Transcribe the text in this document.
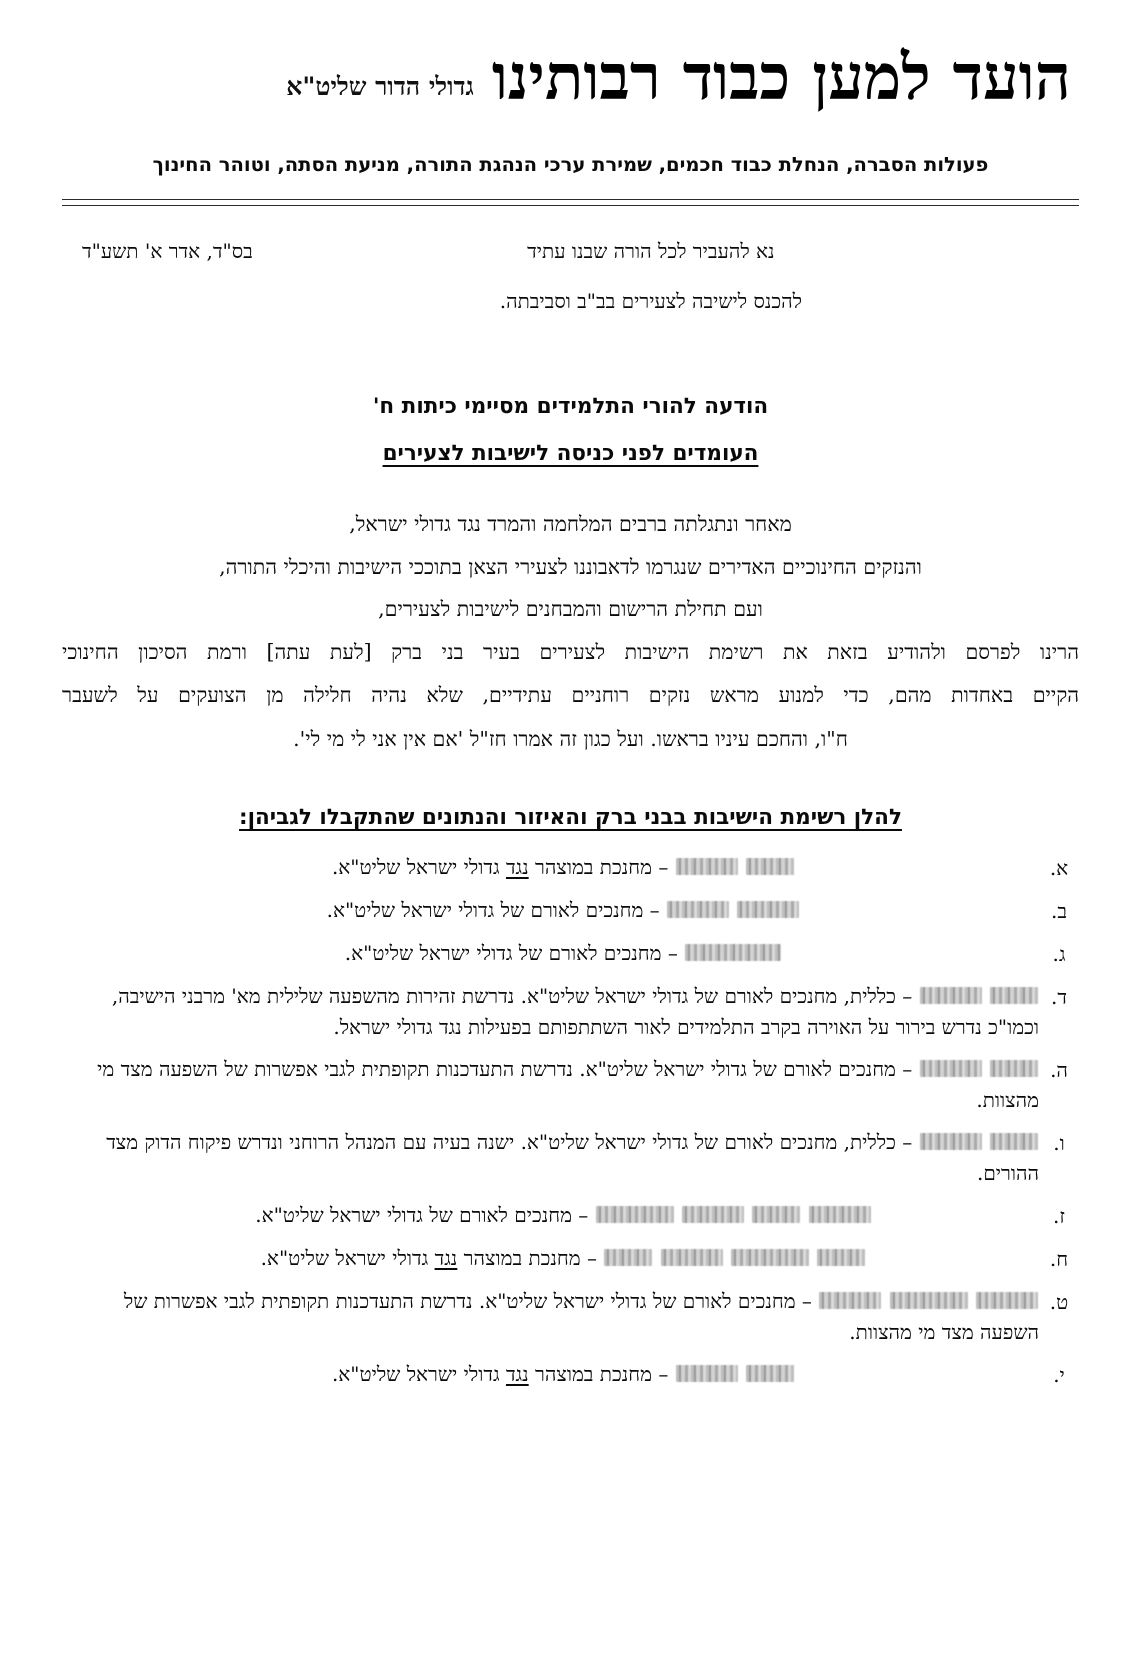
הועד למען כבוד רבותינו
גדולי הדור שליט"א
פעולות הסברה, הנחלת כבוד חכמים, שמירת ערכי הנהגת התורה, מניעת הסתה, וטוהר החינוך
נא להעביר לכל הורה שבנו עתיד
להכנס לישיבה לצעירים בב"ב וסביבתה.
בס"ד, אדר א' תשע"ד
הודעה להורי התלמידים מסיימי כיתות ח'
העומדים לפני כניסה לישיבות לצעירים
מאחר ונתגלתה ברבים המלחמה והמרד נגד גדולי ישראל,
והנזקים החינוכיים האדירים שנגרמו לדאבוננו לצעירי הצאן בתוככי הישיבות והיכלי התורה,
ועם תחילת הרישום והמבחנים לישיבות לצעירים,
הרינו לפרסם ולהודיע בזאת את רשימת הישיבות לצעירים בעיר בני ברק [לעת עתה] ורמת הסיכון החינוכי
הקיים באחדות מהם, כדי למנוע מראש נזקים רוחניים עתידיים, שלא נהיה חלילה מן הצועקים על לשעבר
ח"ו, והחכם עיניו בראשו. ועל כגון זה אמרו חז"ל 'אם אין אני לי מי לי'.
להלן רשימת הישיבות בבני ברק והאיזור והנתונים שהתקבלו לגביהן:
א.
– מחנכת במוצהר נגד גדולי ישראל שליט"א.
ב.
– מחנכים לאורם של גדולי ישראל שליט"א.
ג.
– מחנכים לאורם של גדולי ישראל שליט"א.
ד.
– כללית, מחנכים לאורם של גדולי ישראל שליט"א. נדרשת זהירות מהשפעה שלילית מא' מרבני הישיבה, וכמו"כ נדרש בירור על האוירה בקרב התלמידים לאור השתתפותם בפעילות נגד גדולי ישראל.
ה.
– מחנכים לאורם של גדולי ישראל שליט"א. נדרשת התעדכנות תקופתית לגבי אפשרות של השפעה מצד מי מהצוות.
ו.
– כללית, מחנכים לאורם של גדולי ישראל שליט"א. ישנה בעיה עם המנהל הרוחני ונדרש פיקוח הדוק מצד ההורים.
ז.
– מחנכים לאורם של גדולי ישראל שליט"א.
ח.
– מחנכת במוצהר נגד גדולי ישראל שליט"א.
ט.
– מחנכים לאורם של גדולי ישראל שליט"א. נדרשת התעדכנות תקופתית לגבי אפשרות של השפעה מצד מי מהצוות.
י.
– מחנכת במוצהר נגד גדולי ישראל שליט"א.
